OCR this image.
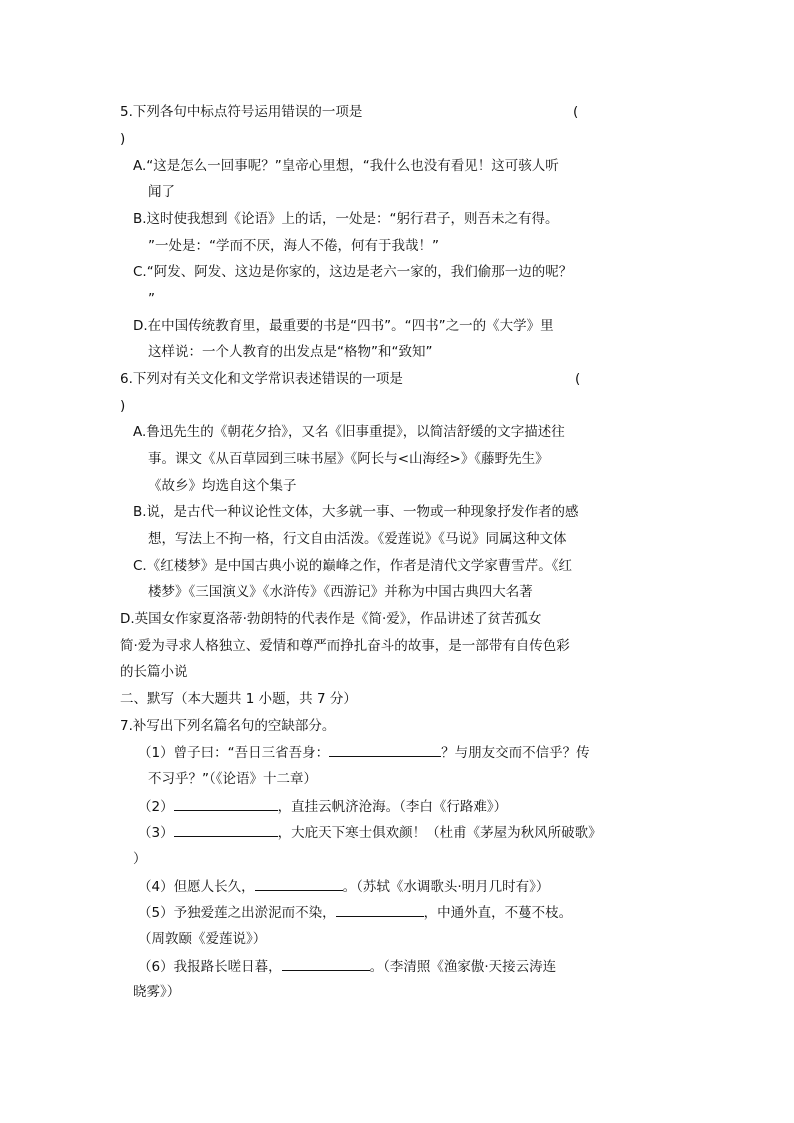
5.下列各句中标点符号运用错误的一项是	(
)
A.“这是怎么一回事呢？”皇帝心里想，“我什么也没有看见！这可骇人听
闻了
B.这时使我想到《论语》上的话，一处是：“躬行君子，则吾未之有得。
”一处是：“学而不厌，海人不倦，何有于我哉！”
C.“阿发、阿发、这边是你家的，这边是老六一家的，我们偷那一边的呢？
”
D.在中国传统教育里，最重要的书是“四书”。“四书”之一的《大学》里
这样说：一个人教育的出发点是“格物”和“致知”
6.下列对有关文化和文学常识表述错误的一项是	(
)
A.鲁迅先生的《朝花夕拾》，又名《旧事重提》，以简洁舒缓的文字描述往
事。课文《从百草园到三味书屋》《阿长与<山海经>》《藤野先生》
《故乡》均选自这个集子
B.说，是古代一种议论性文体，大多就一事、一物或一种现象抒发作者的感
想，写法上不拘一格，行文自由活泼。《爱莲说》《马说》同属这种文体
C.《红楼梦》是中国古典小说的巅峰之作，作者是清代文学家曹雪芹。《红
楼梦》《三国演义》《水浒传》《西游记》并称为中国古典四大名著
D.英国女作家夏洛蒂·勃朗特的代表作是《简·爱》，作品讲述了贫苦孤女
简·爱为寻求人格独立、爱情和尊严而挣扎奋斗的故事，是一部带有自传色彩
的长篇小说
二、默写（本大题共 1 小题，共 7 分）
7.补写出下列名篇名句的空缺部分。
（1）曾子曰：“吾日三省吾身：	？与朋友交而不信乎？传
不习乎？”（《论语》十二章）
（2）	，直挂云帆济沧海。（李白《行路难》）
（3）	，大庇天下寒士俱欢颜！（杜甫《茅屋为秋风所破歌》
）
（4）但愿人长久，	。（苏轼《水调歌头·明月几时有》）
（5）予独爱莲之出淤泥而不染，	，中通外直，不蔓不枝。
（周敦颐《爱莲说》）
（6）我报路长嗟日暮，	。（李清照《渔家傲·天接云涛连
晓雾》）
